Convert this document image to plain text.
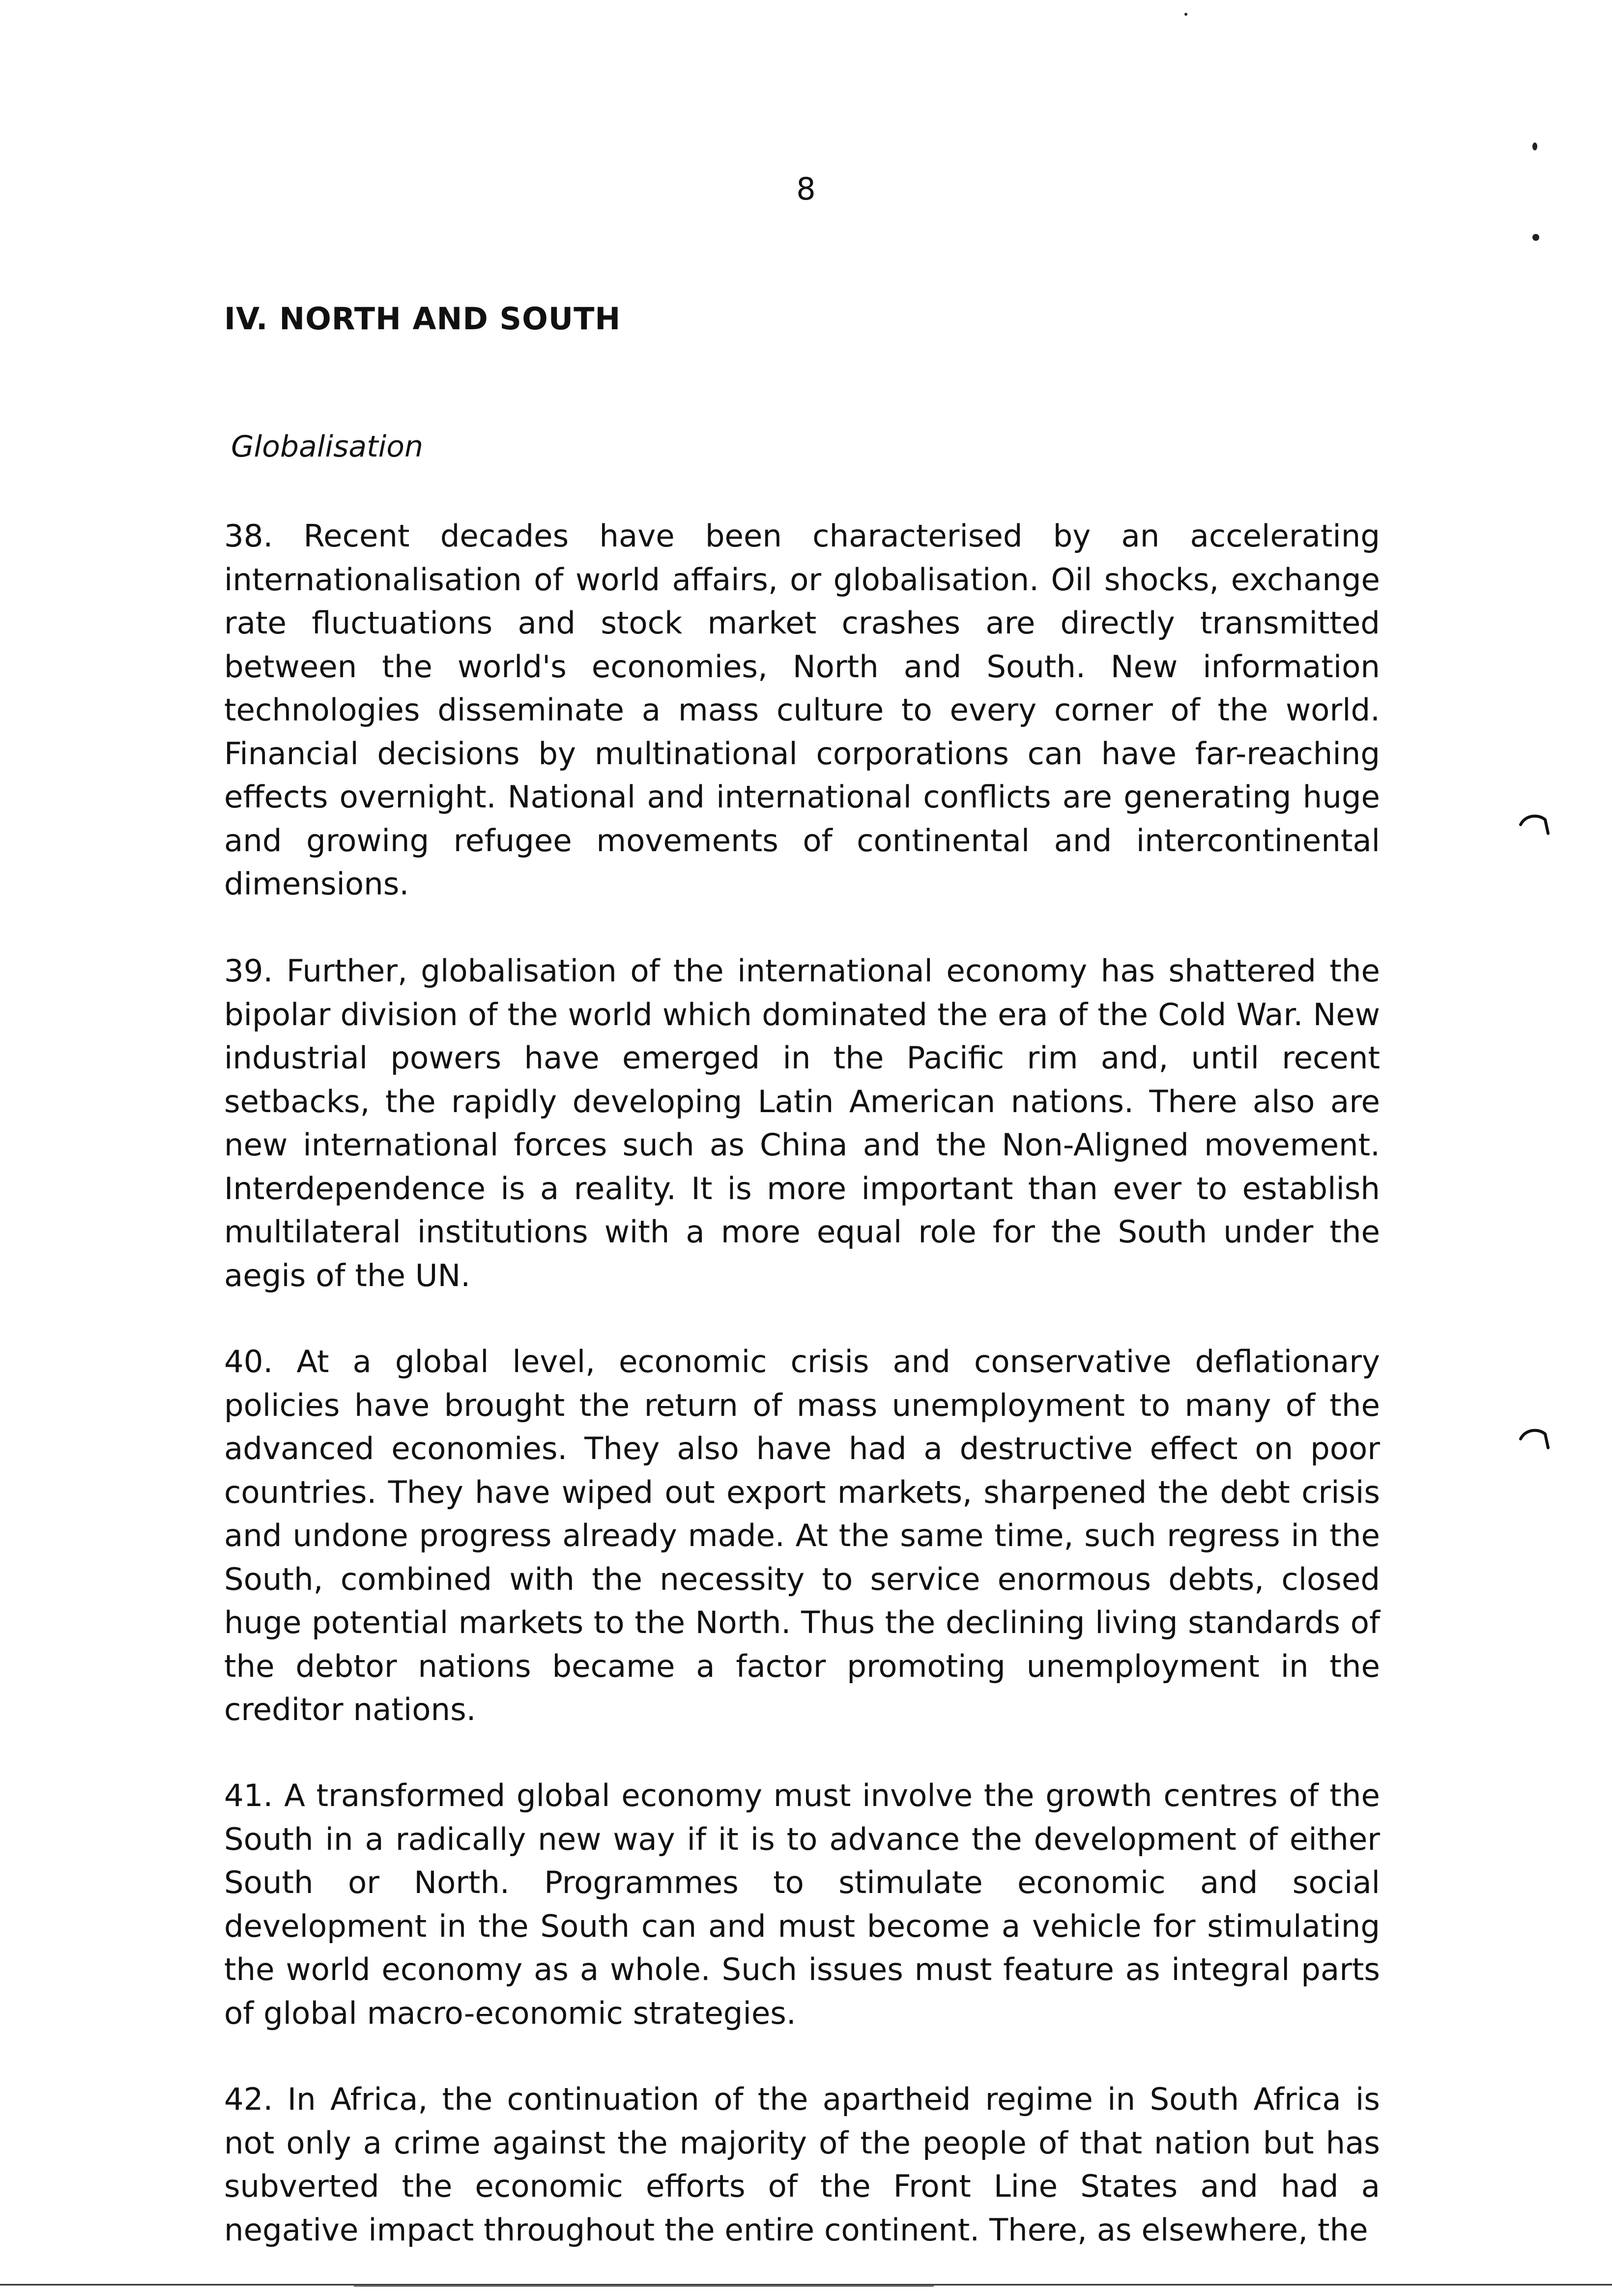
8
IV. NORTH AND SOUTH
Globalisation

38. Recent decades have been characterised by an accelerating internationalisation of world affairs, or globalisation. Oil shocks, exchange rate fluctuations and stock market crashes are directly transmitted between the world's economies, North and South. New information technologies disseminate a mass culture to every corner of the world. Financial decisions by multinational corporations can have far-reaching effects overnight. National and international conflicts are generating huge and growing refugee movements of continental and intercontinental dimensions.

39. Further, globalisation of the international economy has shattered the bipolar division of the world which dominated the era of the Cold War. New industrial powers have emerged in the Pacific rim and, until recent setbacks, the rapidly developing Latin American nations. There also are new international forces such as China and the Non-Aligned movement. Interdependence is a reality. It is more important than ever to establish multilateral institutions with a more equal role for the South under the aegis of the UN.

40. At a global level, economic crisis and conservative deflationary policies have brought the return of mass unemployment to many of the advanced economies. They also have had a destructive effect on poor countries. They have wiped out export markets, sharpened the debt crisis and undone progress already made. At the same time, such regress in the South, combined with the necessity to service enormous debts, closed huge potential markets to the North. Thus the declining living standards of the debtor nations became a factor promoting unemployment in the creditor nations.

41. A transformed global economy must involve the growth centres of the South in a radically new way if it is to advance the development of either South or North. Programmes to stimulate economic and social development in the South can and must become a vehicle for stimulating the world economy as a whole. Such issues must feature as integral parts of global macro-economic strategies.

42. In Africa, the continuation of the apartheid regime in South Africa is not only a crime against the majority of the people of that nation but has subverted the economic efforts of the Front Line States and had a negative impact throughout the entire continent. There, as elsewhere, the
